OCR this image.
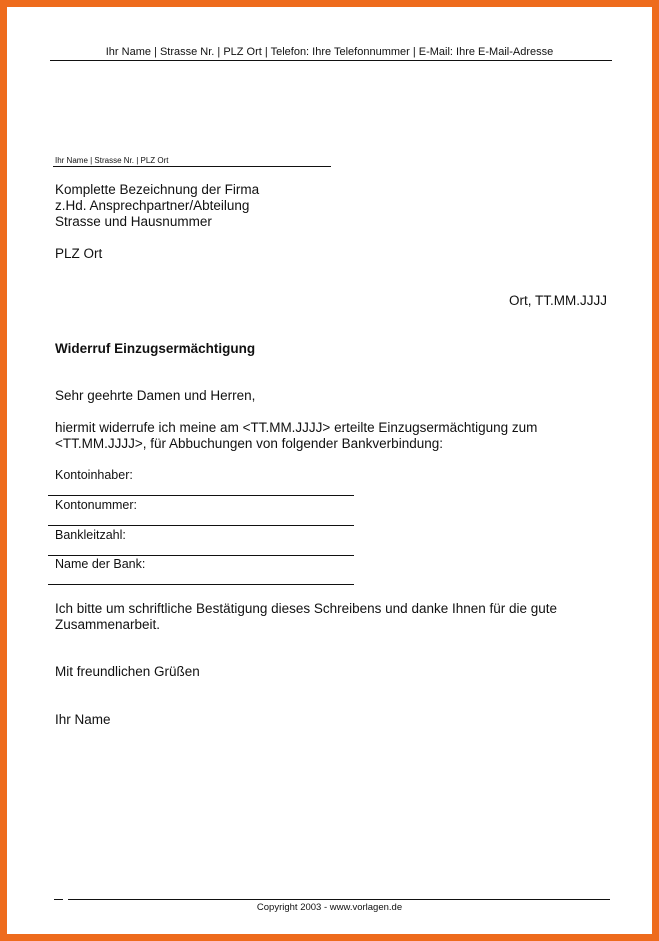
Ihr Name | Strasse Nr. | PLZ Ort | Telefon: Ihre Telefonnummer | E-Mail: Ihre E-Mail-Adresse
Ihr Name | Strasse Nr. | PLZ Ort
Komplette Bezeichnung der Firma
z.Hd. Ansprechpartner/Abteilung
Strasse und Hausnummer
PLZ Ort
Ort, TT.MM.JJJJ
Widerruf Einzugsermächtigung
Sehr geehrte Damen und Herren,
hiermit widerrufe ich meine am <TT.MM.JJJJ> erteilte Einzugsermächtigung zum
<TT.MM.JJJJ>, für Abbuchungen von folgender Bankverbindung:
Kontoinhaber:
Kontonummer:
Bankleitzahl:
Name der Bank:
Ich bitte um schriftliche Bestätigung dieses Schreibens und danke Ihnen für die gute
Zusammenarbeit.
Mit freundlichen Grüßen
Ihr Name
Copyright 2003 - www.vorlagen.de
